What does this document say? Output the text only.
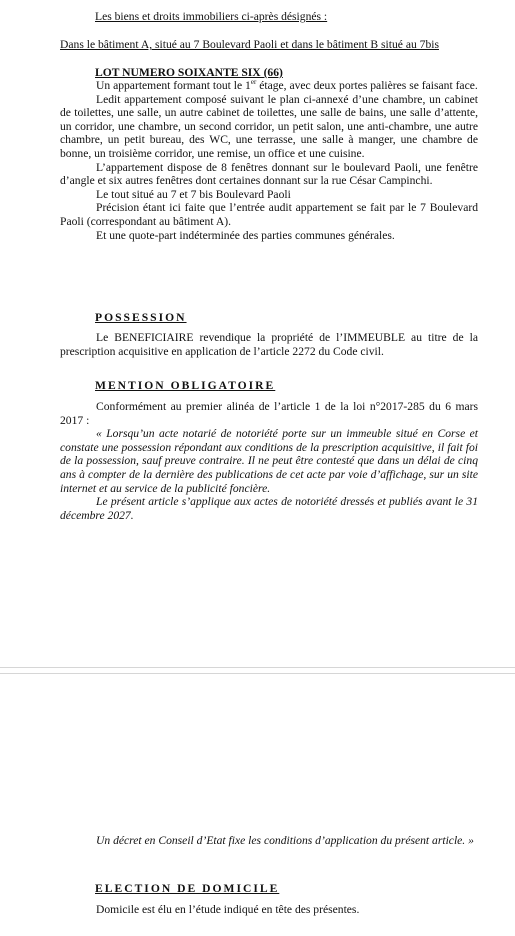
Les biens et droits immobiliers ci-après désignés :
Dans le bâtiment A, situé au 7 Boulevard Paoli et dans le bâtiment B situé au 7bis
LOT NUMERO SOIXANTE SIX (66)

Un appartement formant tout le 1er étage, avec deux portes palières se faisant face.

Ledit appartement composé suivant le plan ci-annexé d’une chambre, un cabinet de toilettes, une salle, un autre cabinet de toilettes, une salle de bains, une salle d’attente, un corridor, une chambre, un second corridor, un petit salon, une anti-chambre, une autre chambre, un petit bureau, des WC, une terrasse, une salle à manger, une chambre de bonne, un troisième corridor, une remise, un office et une cuisine.

L’appartement dispose de 8 fenêtres donnant sur le boulevard Paoli, une fenêtre d’angle et six autres fenêtres dont certaines donnant sur la rue César Campinchi.

Le tout situé au 7 et 7 bis Boulevard Paoli

Précision étant ici faite que l’entrée audit appartement se fait par le 7 Boulevard Paoli (correspondant au bâtiment A).

Et une quote-part indéterminée des parties communes générales.

POSSESSION

Le BENEFICIAIRE revendique la propriété de l’IMMEUBLE au titre de la prescription acquisitive en application de l’article 2272 du Code civil.

MENTION OBLIGATOIRE

Conformément au premier alinéa de l’article 1 de la loi n°2017-285 du 6 mars 2017 :

« Lorsqu’un acte notarié de notoriété porte sur un immeuble situé en Corse et constate une possession répondant aux conditions de la prescription acquisitive, il fait foi de la possession, sauf preuve contraire. Il ne peut être contesté que dans un délai de cinq ans à compter de la dernière des publications de cet acte par voie d’affichage, sur un site internet et au service de la publicité foncière.

Le présent article s’applique aux actes de notoriété dressés et publiés avant le 31 décembre 2027.

Un décret en Conseil d’Etat fixe les conditions d’application du présent article. »

ELECTION DE DOMICILE

Domicile est élu en l’étude indiqué en tête des présentes.
